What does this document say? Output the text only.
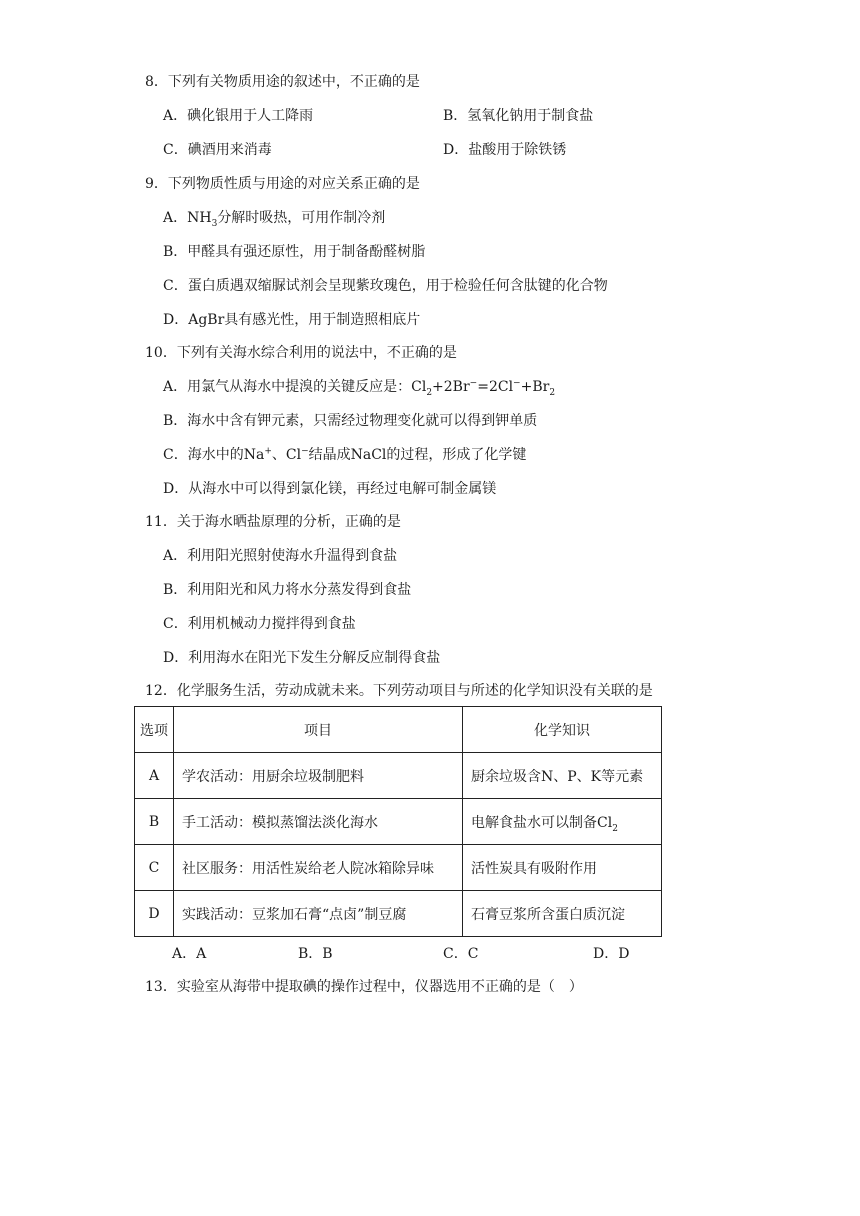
8．下列有关物质用途的叙述中，不正确的是
A．碘化银用于人工降雨	B．氢氧化钠用于制食盐
C．碘酒用来消毒	D．盐酸用于除铁锈
9．下列物质性质与用途的对应关系正确的是
A．$NH_3$分解时吸热，可用作制冷剂
B．甲醛具有强还原性，用于制备酚醛树脂
C．蛋白质遇双缩脲试剂会呈现紫玫瑰色，用于检验任何含肽键的化合物
D．AgBr具有感光性，用于制造照相底片
10．下列有关海水综合利用的说法中，不正确的是
A．用氯气从海水中提溴的关键反应是：$Cl_2+2Br^-=2Cl^-+Br_2$
B．海水中含有钾元素，只需经过物理变化就可以得到钾单质
C．海水中的Na+、Cl−结晶成NaCl的过程，形成了化学键
D．从海水中可以得到氯化镁，再经过电解可制金属镁
11．关于海水晒盐原理的分析，正确的是
A．利用阳光照射使海水升温得到食盐
B．利用阳光和风力将水分蒸发得到食盐
C．利用机械动力搅拌得到食盐
D．利用海水在阳光下发生分解反应制得食盐
12．化学服务生活，劳动成就未来。下列劳动项目与所述的化学知识没有关联的是
选项	项目	化学知识
A	学农活动：用厨余垃圾制肥料	厨余垃圾含N、P、K等元素
B	手工活动：模拟蒸馏法淡化海水	电解食盐水可以制备$Cl_2$
C	社区服务：用活性炭给老人院冰箱除异味	活性炭具有吸附作用
D	实践活动：豆浆加石膏“点卤”制豆腐	石膏豆浆所含蛋白质沉淀
A．A	B．B	C．C	D．D
13．实验室从海带中提取碘的操作过程中，仪器选用不正确的是（　）
